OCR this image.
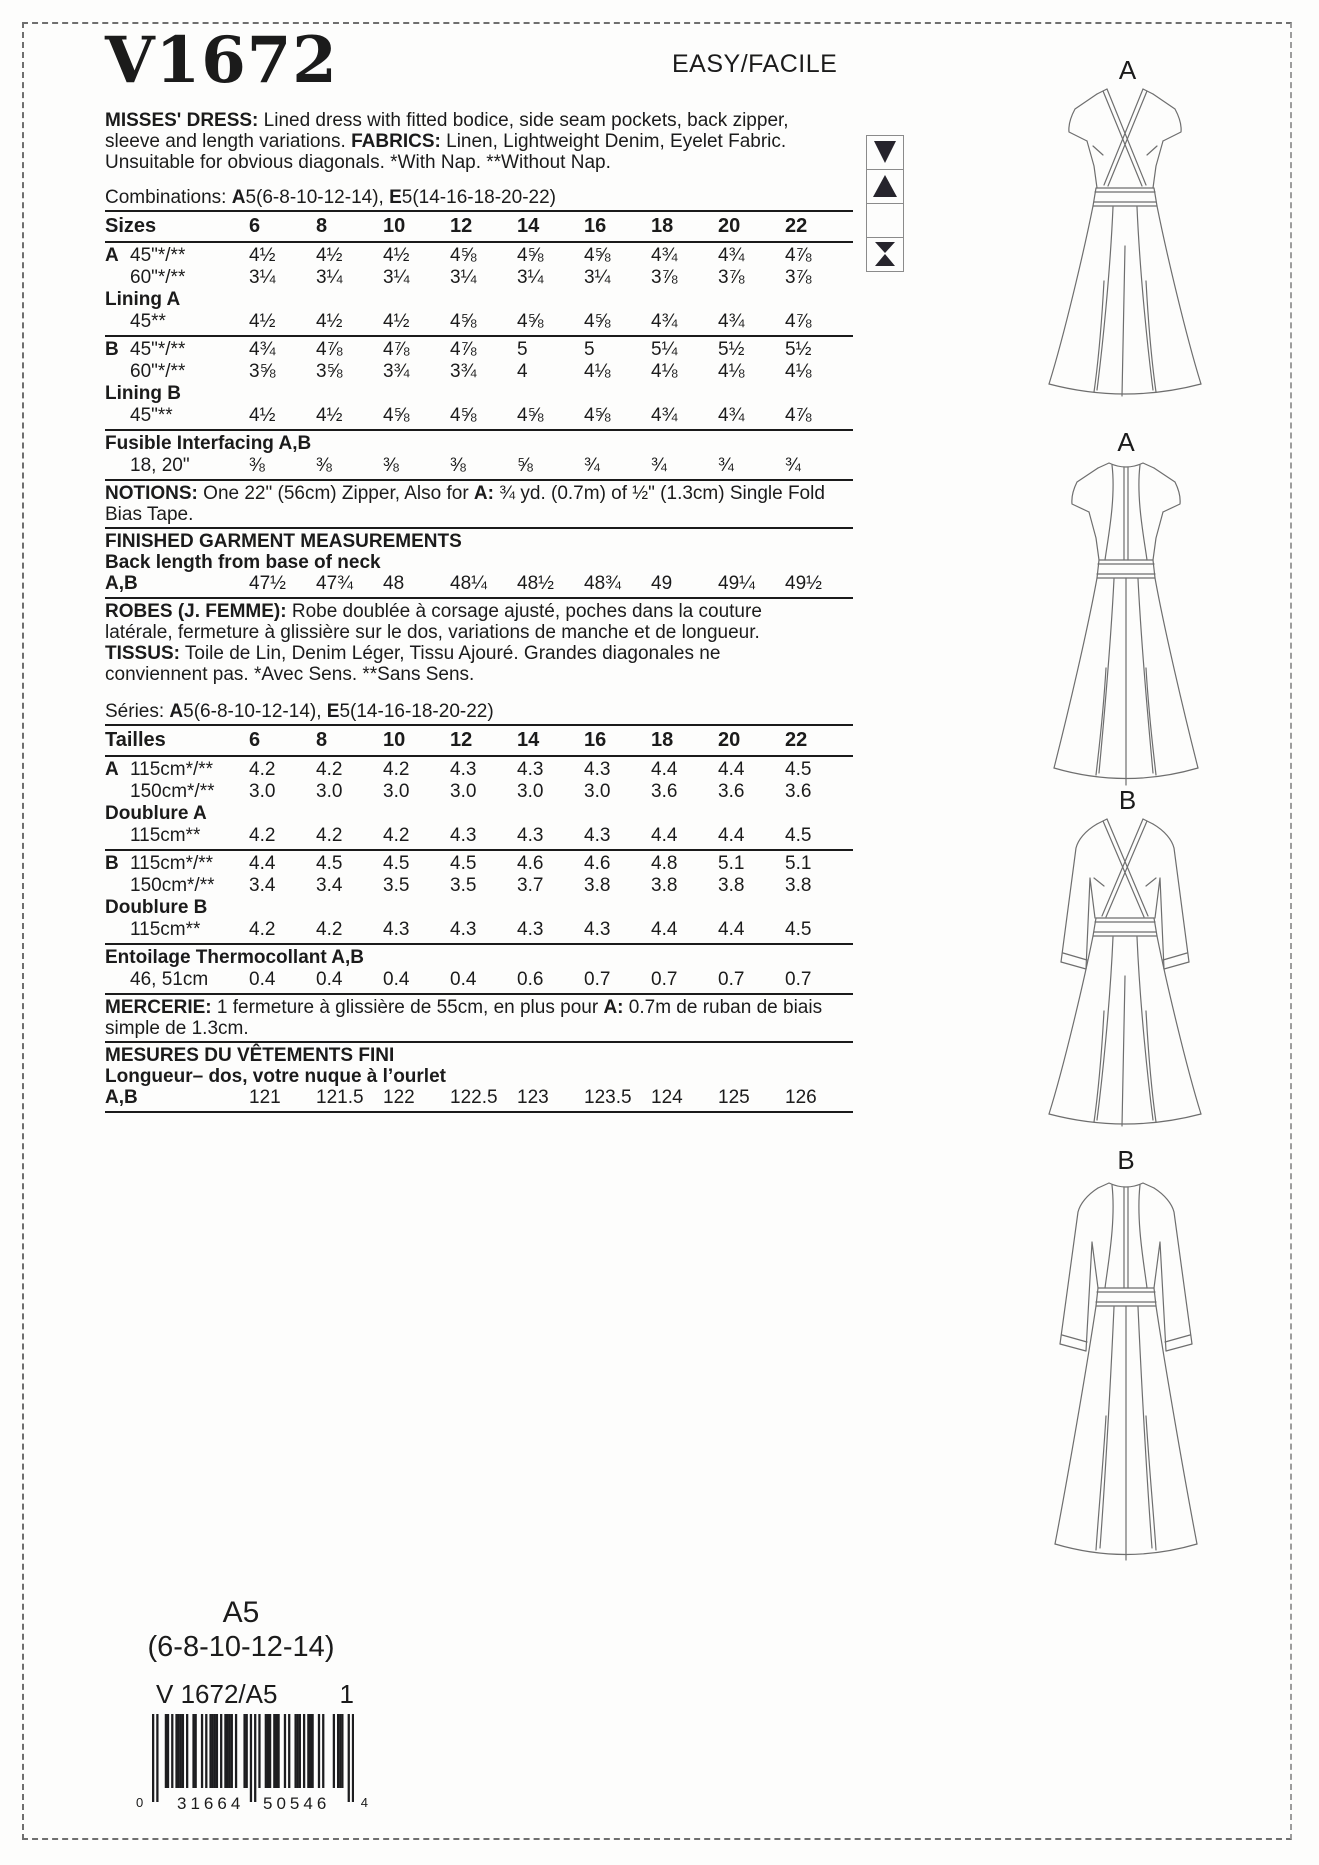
EASY/FACILE
V1672
MISSES' DRESS: Lined dress with fitted bodice, side seam pockets, back zipper,
sleeve and length variations. FABRICS: Linen, Lightweight Denim, Eyelet Fabric.
Unsuitable for obvious diagonals. *With Nap. **Without Nap.
Combinations: A5(6-8-10-12-14), E5(14-16-18-20-22)
Sizes	6	8	10	12	14	16	18	20	22
A 45"*/**	4½	4½	4½	4⅝	4⅝	4⅝	4¾	4¾	4⅞
60"*/**	3¼	3¼	3¼	3¼	3¼	3¼	3⅞	3⅞	3⅞
Lining A
45**	4½	4½	4½	4⅝	4⅝	4⅝	4¾	4¾	4⅞
B 45"*/**	4¾	4⅞	4⅞	4⅞	5	5	5¼	5½	5½
60"*/**	3⅝	3⅝	3¾	3¾	4	4⅛	4⅛	4⅛	4⅛
Lining B
45"**	4½	4½	4⅝	4⅝	4⅝	4⅝	4¾	4¾	4⅞
Fusible Interfacing A,B
18, 20"	⅜	⅜	⅜	⅜	⅝	¾	¾	¾	¾
NOTIONS: One 22" (56cm) Zipper, Also for A: ¾ yd. (0.7m) of ½" (1.3cm) Single Fold
Bias Tape.
FINISHED GARMENT MEASUREMENTS
Back length from base of neck
A,B	47½	47¾	48	48¼	48½	48¾	49	49¼	49½
ROBES (J. FEMME): Robe doublée à corsage ajusté, poches dans la couture
latérale, fermeture à glissière sur le dos, variations de manche et de longueur.
TISSUS: Toile de Lin, Denim Léger, Tissu Ajouré. Grandes diagonales ne
conviennent pas. *Avec Sens. **Sans Sens.
Séries: A5(6-8-10-12-14), E5(14-16-18-20-22)
Tailles	6	8	10	12	14	16	18	20	22
A 115cm*/**	4.2	4.2	4.2	4.3	4.3	4.3	4.4	4.4	4.5
150cm*/**	3.0	3.0	3.0	3.0	3.0	3.0	3.6	3.6	3.6
Doublure A
115cm**	4.2	4.2	4.2	4.3	4.3	4.3	4.4	4.4	4.5
B 115cm*/**	4.4	4.5	4.5	4.5	4.6	4.6	4.8	5.1	5.1
150cm*/**	3.4	3.4	3.5	3.5	3.7	3.8	3.8	3.8	3.8
Doublure B
115cm**	4.2	4.2	4.3	4.3	4.3	4.3	4.4	4.4	4.5
Entoilage Thermocollant A,B
46, 51cm	0.4	0.4	0.4	0.4	0.6	0.7	0.7	0.7	0.7
MERCERIE: 1 fermeture à glissière de 55cm, en plus pour A: 0.7m de ruban de biais
simple de 1.3cm.
MESURES DU VÊTEMENTS FINI
Longueur– dos, votre nuque à l’ourlet
A,B	121	121.5	122	122.5	123	123.5	124	125	126
A
A
B
B
A5
(6-8-10-12-14)
V 1672/A5 1
0 31664 50546 4
